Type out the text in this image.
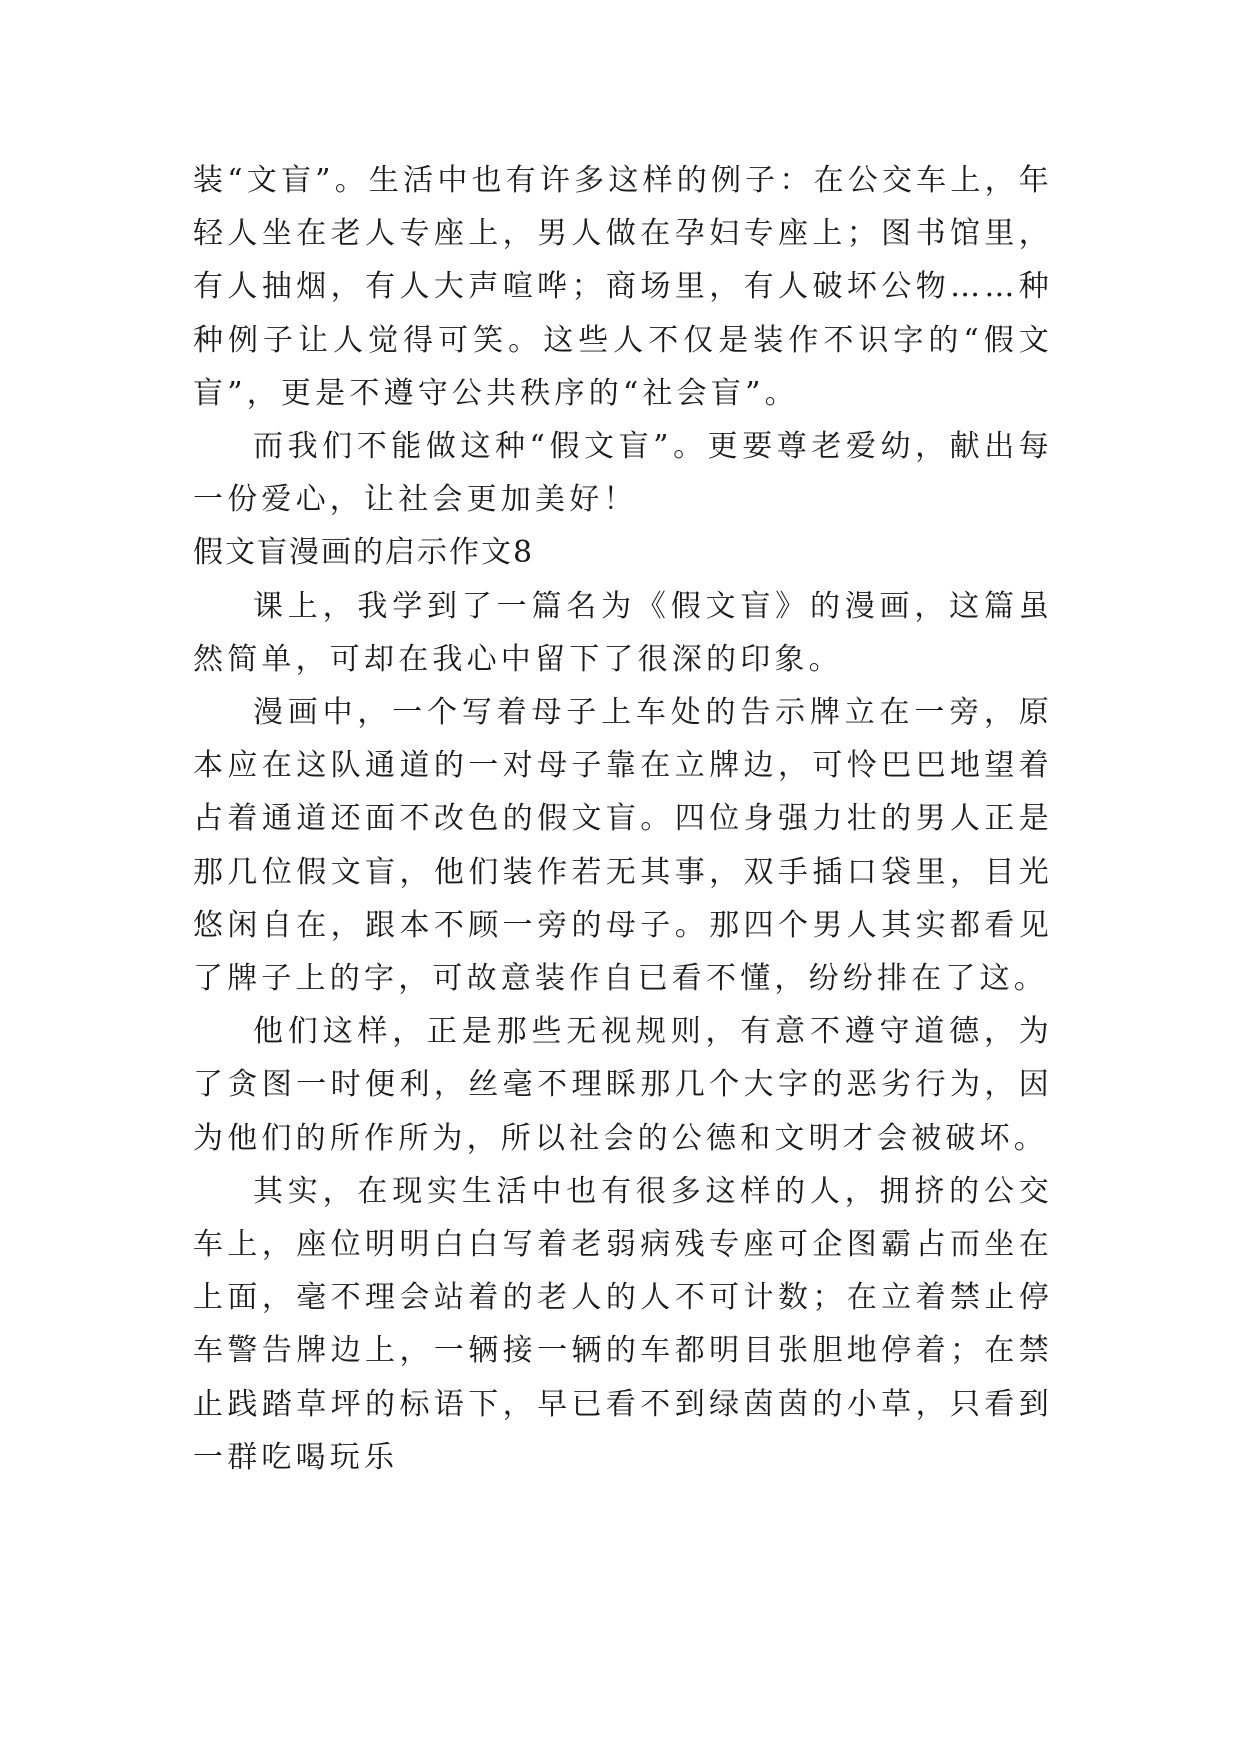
装“文盲”。生活中也有许多这样的例子：在公交车上，年轻人坐在老人专座上，男人做在孕妇专座上；图书馆里，有人抽烟，有人大声喧哗；商场里，有人破坏公物……种种例子让人觉得可笑。这些人不仅是装作不识字的“假文盲”，更是不遵守公共秩序的“社会盲”。

而我们不能做这种“假文盲”。更要尊老爱幼，献出每一份爱心，让社会更加美好！

假文盲漫画的启示作文8

课上，我学到了一篇名为《假文盲》的漫画，这篇虽然简单，可却在我心中留下了很深的印象。

漫画中，一个写着母子上车处的告示牌立在一旁，原本应在这队通道的一对母子靠在立牌边，可怜巴巴地望着占着通道还面不改色的假文盲。四位身强力壮的男人正是那几位假文盲，他们装作若无其事，双手插口袋里，目光悠闲自在，跟本不顾一旁的母子。那四个男人其实都看见了牌子上的字，可故意装作自已看不懂，纷纷排在了这。

他们这样，正是那些无视规则，有意不遵守道德，为了贪图一时便利，丝毫不理睬那几个大字的恶劣行为，因为他们的所作所为，所以社会的公德和文明才会被破坏。

其实，在现实生活中也有很多这样的人，拥挤的公交车上，座位明明白白写着老弱病残专座可企图霸占而坐在上面，毫不理会站着的老人的人不可计数；在立着禁止停车警告牌边上，一辆接一辆的车都明目张胆地停着；在禁止践踏草坪的标语下，早已看不到绿茵茵的小草，只看到一群吃喝玩乐
